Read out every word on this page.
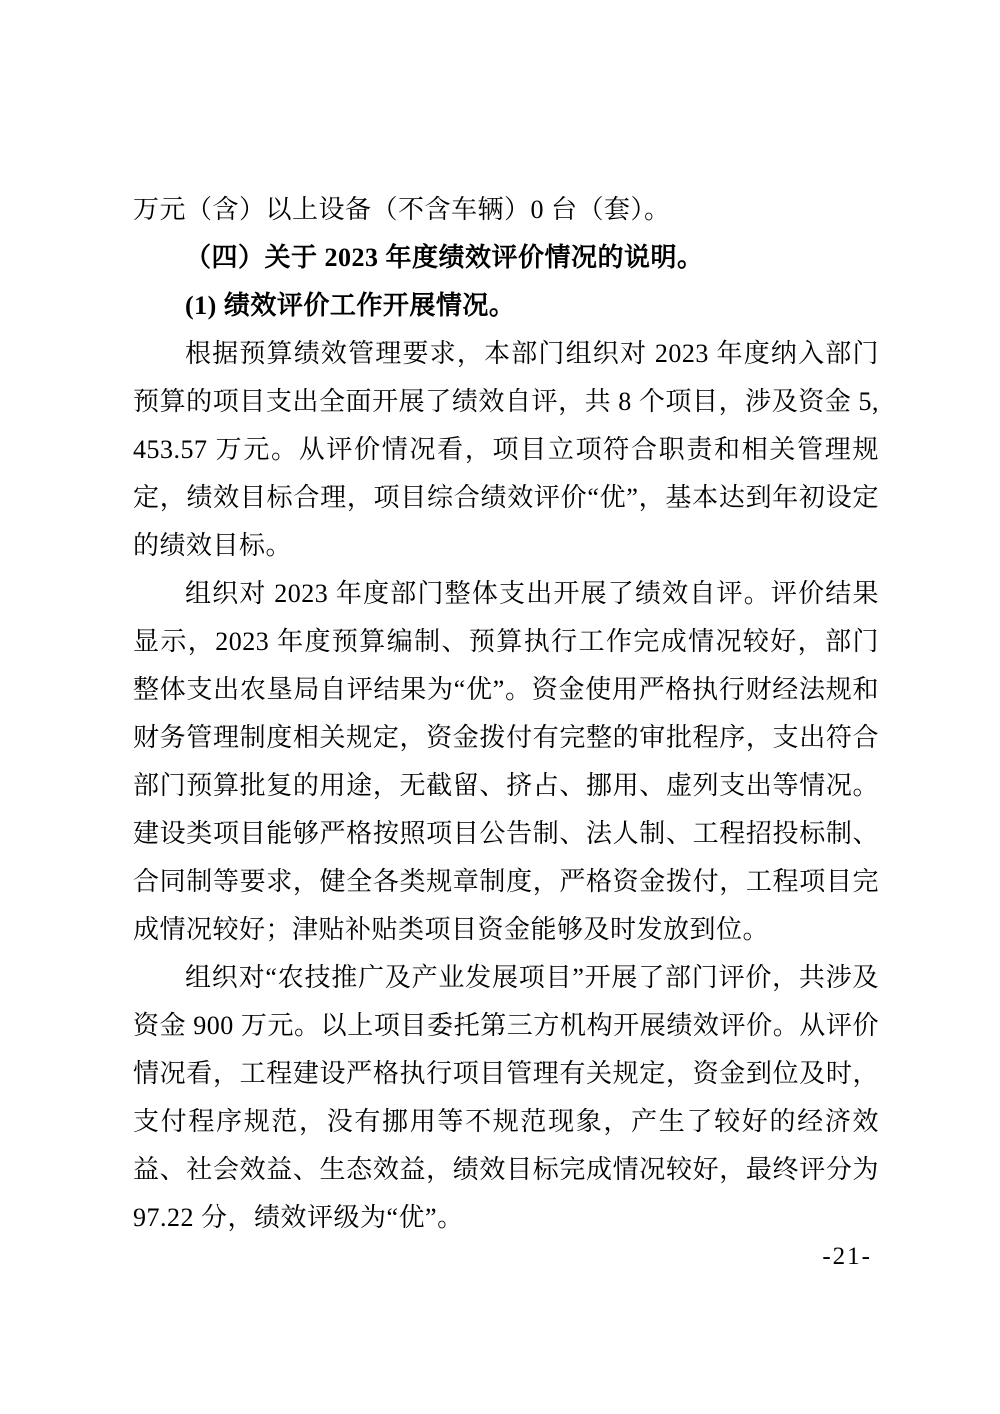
万元（含）以上设备（不含车辆）0 台（套）。

（四）关于 2023 年度绩效评价情况的说明。

(1) 绩效评价工作开展情况。

根据预算绩效管理要求，本部门组织对 2023 年度纳入部门预算的项目支出全面开展了绩效自评，共 8 个项目，涉及资金 5,453.57 万元。从评价情况看，项目立项符合职责和相关管理规定，绩效目标合理，项目综合绩效评价“优”，基本达到年初设定的绩效目标。

组织对 2023 年度部门整体支出开展了绩效自评。评价结果显示，2023 年度预算编制、预算执行工作完成情况较好，部门整体支出农垦局自评结果为“优”。资金使用严格执行财经法规和财务管理制度相关规定，资金拨付有完整的审批程序，支出符合部门预算批复的用途，无截留、挤占、挪用、虚列支出等情况。建设类项目能够严格按照项目公告制、法人制、工程招投标制、合同制等要求，健全各类规章制度，严格资金拨付，工程项目完成情况较好；津贴补贴类项目资金能够及时发放到位。

组织对“农技推广及产业发展项目”开展了部门评价，共涉及资金 900 万元。以上项目委托第三方机构开展绩效评价。从评价情况看，工程建设严格执行项目管理有关规定，资金到位及时，支付程序规范，没有挪用等不规范现象，产生了较好的经济效益、社会效益、生态效益，绩效目标完成情况较好，最终评分为 97.22 分，绩效评级为“优”。

-21-
